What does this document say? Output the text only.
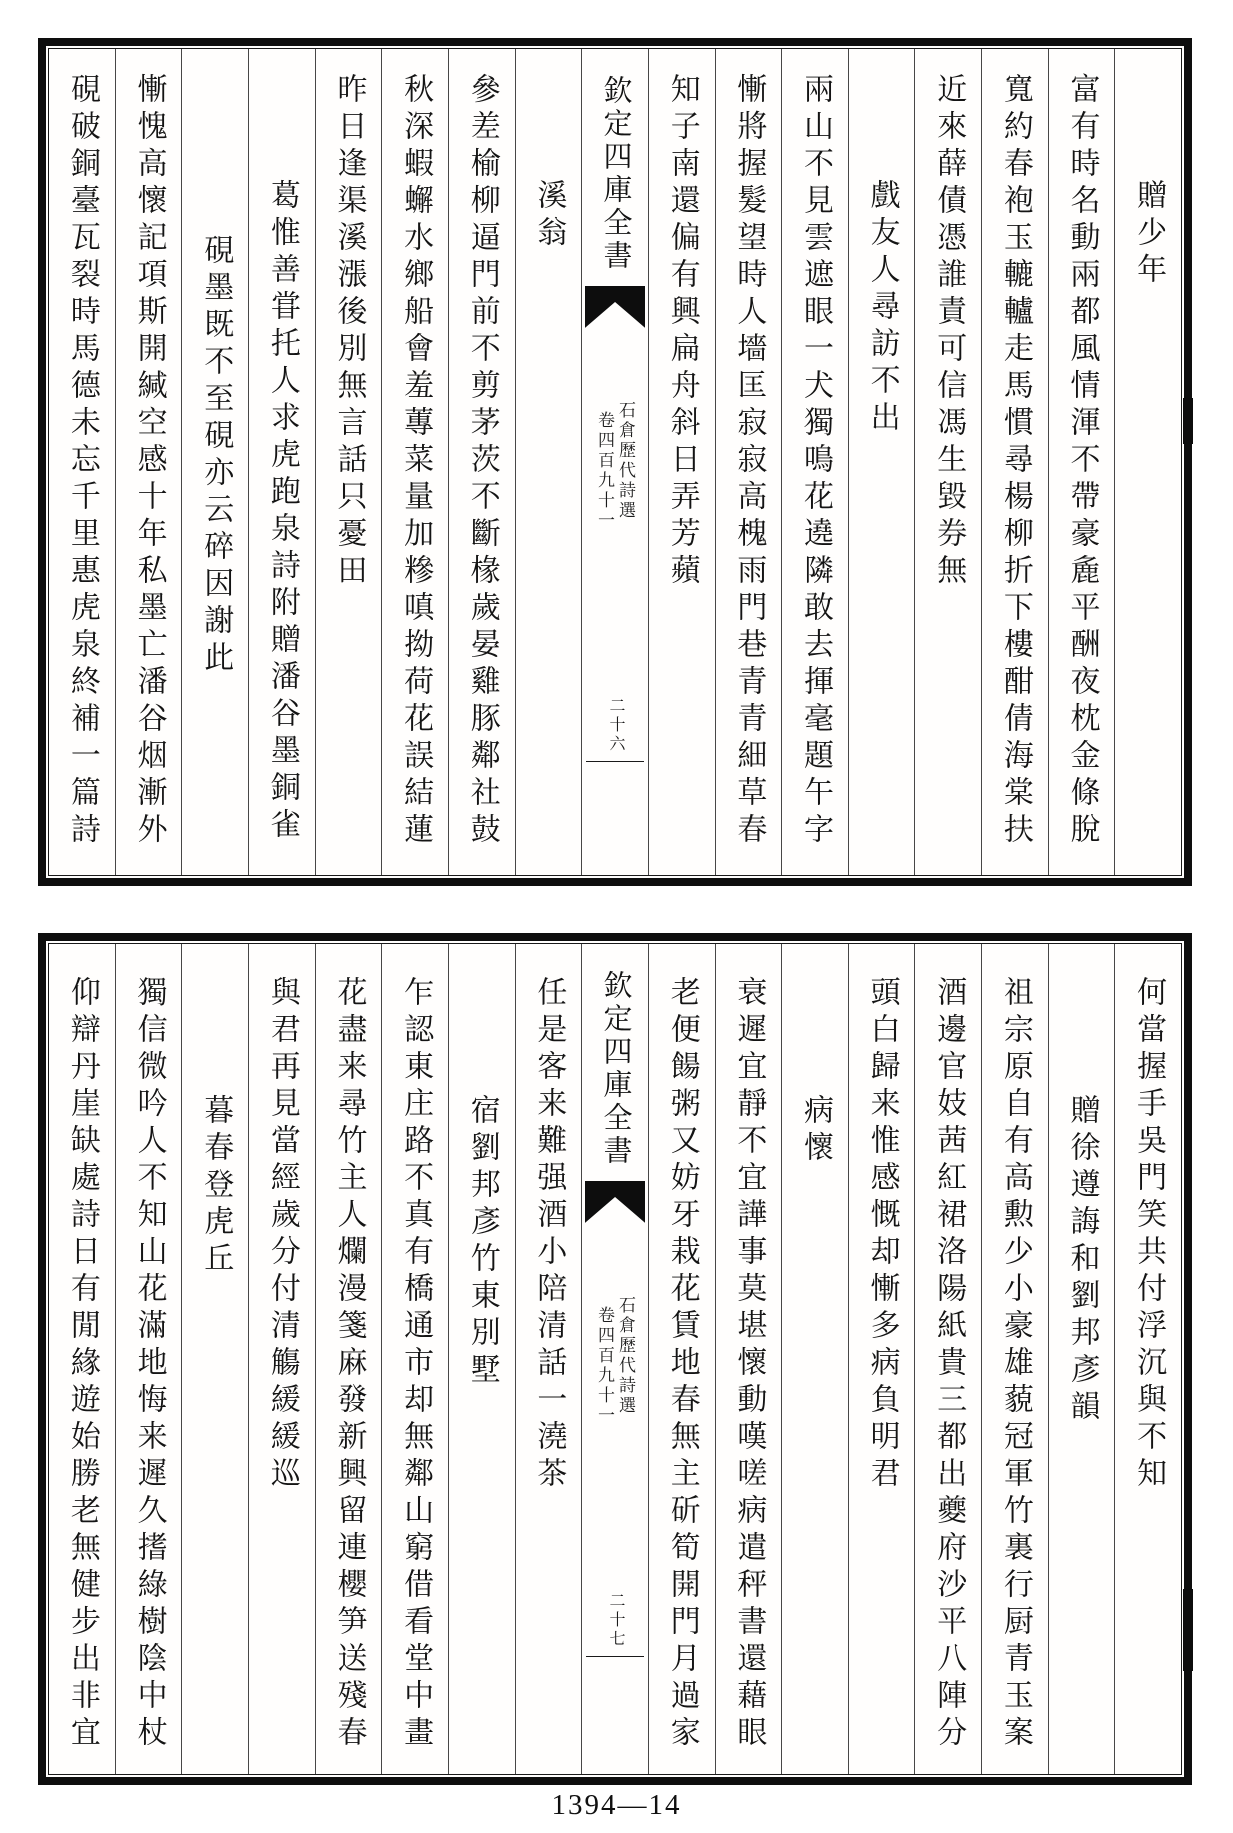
贈少年
富有時名動兩都風情渾不帶豪麁平酬夜枕金條脫
寬約春袍玉轆轤走馬慣尋楊柳折下樓酣倩海棠扶
近來薛債憑誰責可信馮生毀券無
戲友人尋訪不出
兩山不見雲遮眼一犬獨鳴花遶隣敢去揮毫題午字
慚將握髮望時人墻匡寂寂高槐雨門巷青青細草春
知子南還偏有興扁舟斜日弄芳蘋
欽定四庫全書
石倉歷代詩選
卷四百九十一
二十六
溪翁
參差榆柳逼門前不剪茅茨不斷椽歲晏雞豚鄰社鼓
秋深蝦蠏水鄉船會羞蓴菜量加糝嗔拗荷花誤結蓮
昨日逢渠溪漲後別無言話只憂田
葛惟善甞托人求虎跑泉詩附贈潘谷墨銅雀
硯墨既不至硯亦云碎因謝此
慚愧高懷記項斯開緘空感十年私墨亡潘谷烟漸外
硯破銅臺瓦裂時馬德未忘千里惠虎泉終補一篇詩
何當握手吳門笑共付浮沉與不知
贈徐遵誨和劉邦彥韻
祖宗原自有高勲少小豪雄藐冠軍竹裏行厨青玉案
酒邊官妓茜紅裙洛陽紙貴三都出夔府沙平八陣分
頭白歸来惟感慨却慚多病負明君
病懷
衰遲宜靜不宜譁事莫堪懷動嘆嗟病遣秤書還藉眼
老便餳粥又妨牙栽花賃地春無主斫筍開門月過家
欽定四庫全書
石倉歷代詩選
卷四百九十一
二十七
任是客来難强酒小陪清話一澆茶
宿劉邦彥竹東別墅
乍認東庄路不真有橋通市却無鄰山窮借看堂中畫
花盡来尋竹主人爛漫箋麻發新興留連櫻笋送殘春
與君再見當經歲分付清觴緩緩巡
暮春登虎丘
獨信微吟人不知山花滿地悔来遲久搘綠樹陰中杖
仰辯丹崖缺處詩日有閒緣遊始勝老無健步出非宜
1394—14
